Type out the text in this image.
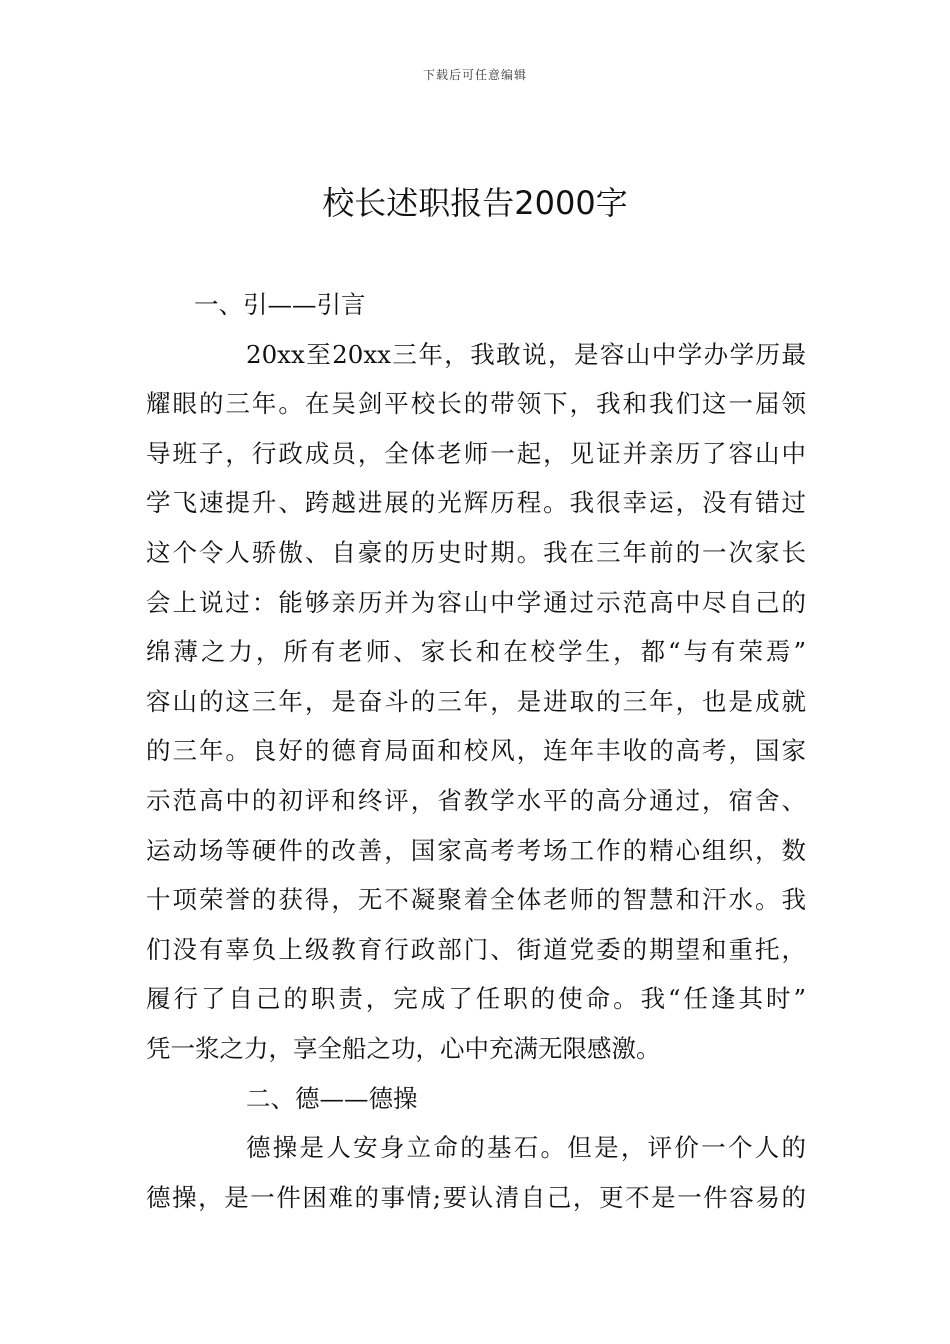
下载后可任意编辑
校长述职报告2000字
一、引——引言
20xx至20xx三年，我敢说，是容山中学办学历最
耀眼的三年。在吴剑平校长的带领下，我和我们这一届领
导班子，行政成员，全体老师一起，见证并亲历了容山中
学飞速提升、跨越进展的光辉历程。我很幸运，没有错过
这个令人骄傲、自豪的历史时期。我在三年前的一次家长
会上说过：能够亲历并为容山中学通过示范高中尽自己的
绵薄之力，所有老师、家长和在校学生，都“与有荣焉”
容山的这三年，是奋斗的三年，是进取的三年，也是成就
的三年。良好的德育局面和校风，连年丰收的高考，国家
示范高中的初评和终评，省教学水平的高分通过，宿舍、
运动场等硬件的改善，国家高考考场工作的精心组织，数
十项荣誉的获得，无不凝聚着全体老师的智慧和汗水。我
们没有辜负上级教育行政部门、街道党委的期望和重托，
履行了自己的职责，完成了任职的使命。我“任逢其时”
凭一浆之力，享全船之功，心中充满无限感激。
二、德——德操
德操是人安身立命的基石。但是，评价一个人的
德操，是一件困难的事情;要认清自己，更不是一件容易的
